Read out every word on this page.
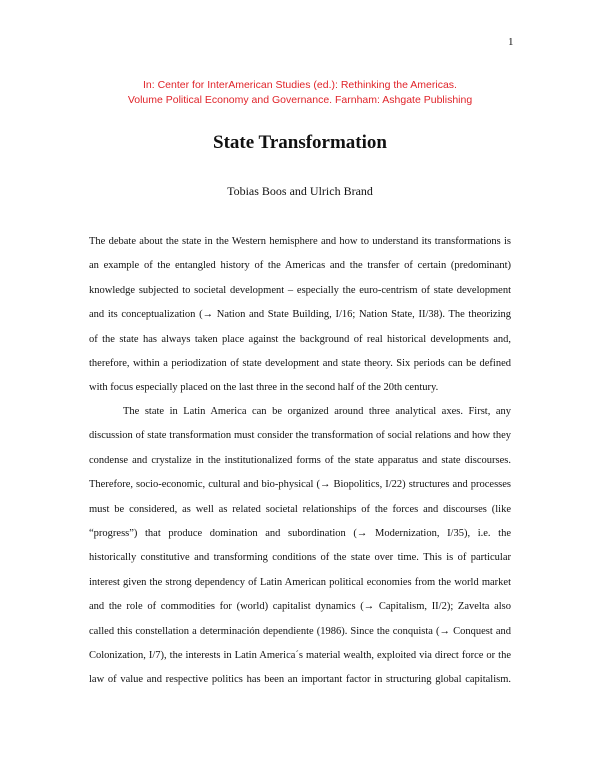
1
In: Center for InterAmerican Studies (ed.): Rethinking the Americas.
Volume Political Economy and Governance. Farnham: Ashgate Publishing
State Transformation
Tobias Boos and Ulrich Brand
The debate about the state in the Western hemisphere and how to understand its transformations is
an example of the entangled history of the Americas and the transfer of certain (predominant)
knowledge subjected to societal development – especially the euro-centrism of state development
and its conceptualization (→ Nation and State Building, I/16; Nation State, II/38). The theorizing
of the state has always taken place against the background of real historical developments and,
therefore, within a periodization of state development and state theory. Six periods can be defined
with focus especially placed on the last three in the second half of the 20th century.
The state in Latin America can be organized around three analytical axes. First, any
discussion of state transformation must consider the transformation of social relations and how they
condense and crystalize in the institutionalized forms of the state apparatus and state discourses.
Therefore, socio-economic, cultural and bio-physical (→ Biopolitics, I/22) structures and processes
must be considered, as well as related societal relationships of the forces and discourses (like
“progress”) that produce domination and subordination (→ Modernization, I/35), i.e. the
historically constitutive and transforming conditions of the state over time. This is of particular
interest given the strong dependency of Latin American political economies from the world market
and the role of commodities for (world) capitalist dynamics (→ Capitalism, II/2); Zavelta also
called this constellation a determinación dependiente (1986). Since the conquista (→ Conquest and
Colonization, I/7), the interests in Latin America´s material wealth, exploited via direct force or the
law of value and respective politics has been an important factor in structuring global capitalism.
